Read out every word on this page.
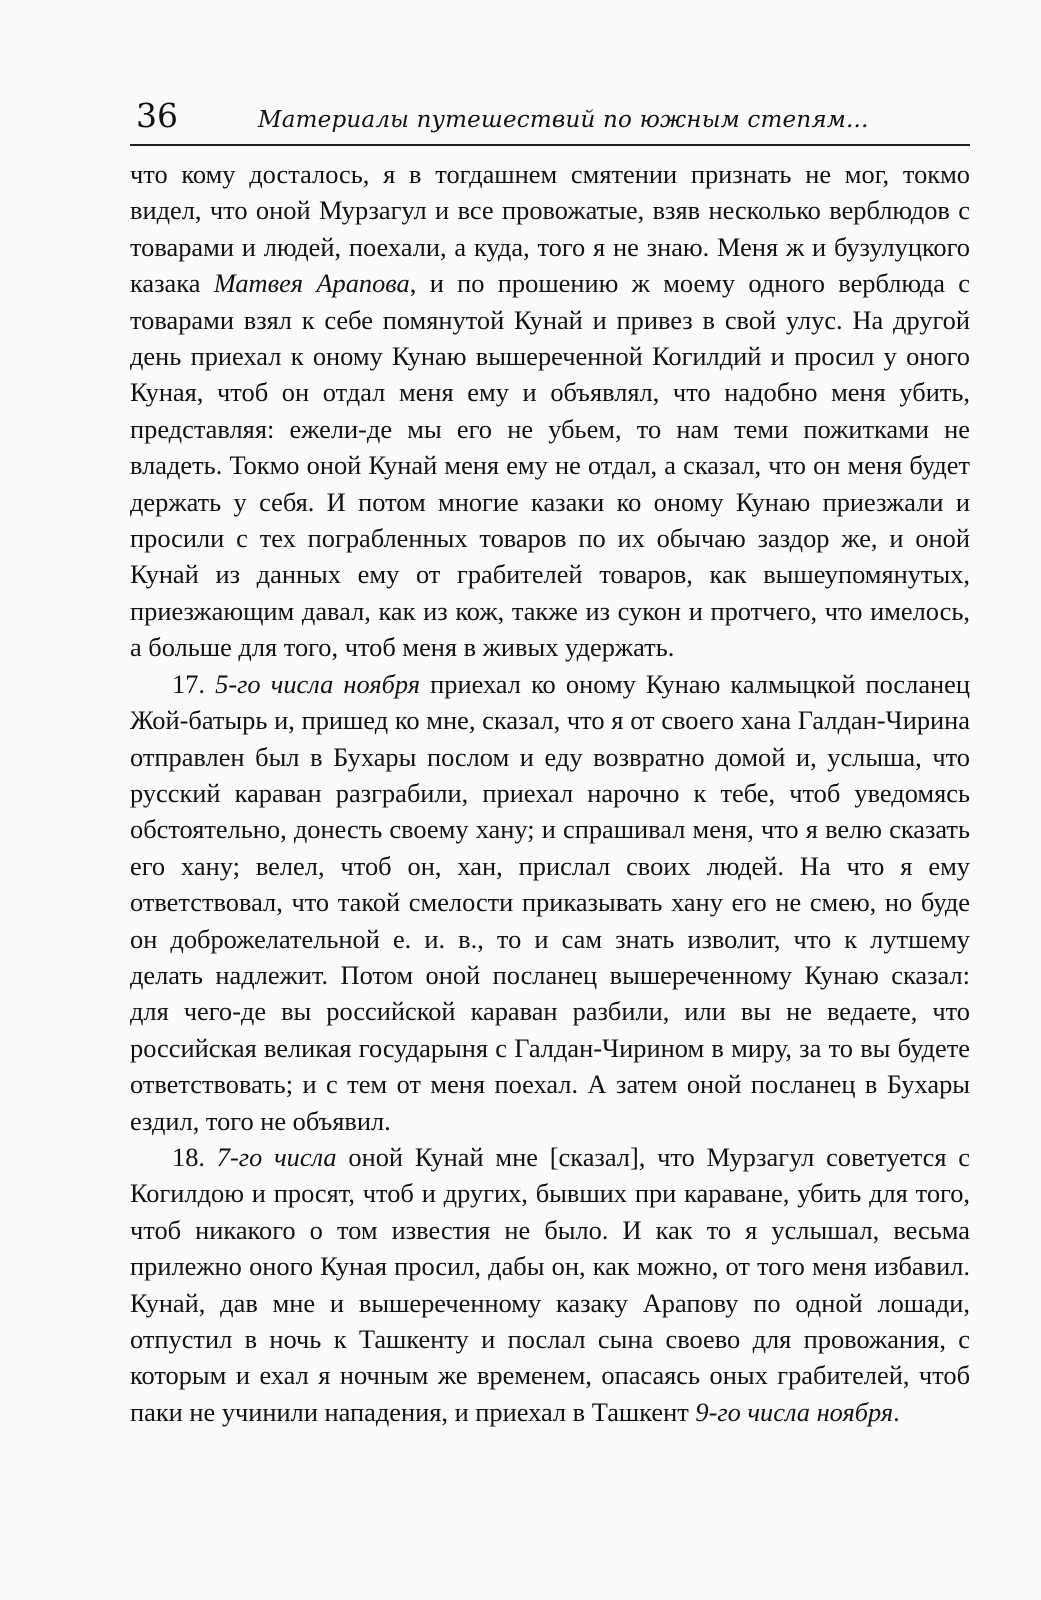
36	Материалы путешествий по южным степям...

что кому досталось, я в тогдашнем смятении признать не мог, токмо видел, что оной Мурзагул и все провожатые, взяв несколько верблюдов с товарами и людей, поехали, а куда, того я не знаю. Меня ж и бузулуцкого казака Матвея Арапова, и по прошению ж моему одного верблюда с товарами взял к себе помянутой Кунай и привез в свой улус. На другой день приехал к оному Кунаю вышереченной Когилдий и просил у оного Куная, чтоб он отдал меня ему и объявлял, что надобно меня убить, представляя: ежели-де мы его не убьем, то нам теми пожитками не владеть. Токмо оной Кунай меня ему не отдал, а сказал, что он меня будет держать у себя. И потом многие казаки ко оному Кунаю приезжали и просили с тех пограбленных товаров по их обычаю заздор же, и оной Кунай из данных ему от грабителей товаров, как вышеупомянутых, приезжающим давал, как из кож, также из сукон и протчего, что имелось, а больше для того, чтоб меня в живых удержать.

17. 5-го числа ноября приехал ко оному Кунаю калмыцкой посланец Жой-батырь и, пришед ко мне, сказал, что я от своего хана Галдан-Чирина отправлен был в Бухары послом и еду возвратно домой и, услыша, что русский караван разграбили, приехал нарочно к тебе, чтоб уведомясь обстоятельно, донесть своему хану; и спрашивал меня, что я велю сказать его хану; велел, чтоб он, хан, прислал своих людей. На что я ему ответствовал, что такой смелости приказывать хану его не смею, но буде он доброжелательной е. и. в., то и сам знать изволит, что к лутшему делать надлежит. Потом оной посланец вышереченному Кунаю сказал: для чего-де вы российской караван разбили, или вы не ведаете, что российская великая государыня с Галдан-Чирином в миру, за то вы будете ответствовать; и с тем от меня поехал. А затем оной посланец в Бухары ездил, того не объявил.

18. 7-го числа оной Кунай мне [сказал], что Мурзагул советуется с Когилдою и просят, чтоб и других, бывших при караване, убить для того, чтоб никакого о том известия не было. И как то я услышал, весьма прилежно оного Куная просил, дабы он, как можно, от того меня избавил. Кунай, дав мне и вышереченному казаку Арапову по одной лошади, отпустил в ночь к Ташкенту и послал сына своево для провожания, с которым и ехал я ночным же временем, опасаясь оных грабителей, чтоб паки не учинили нападения, и приехал в Ташкент 9-го числа ноября.
